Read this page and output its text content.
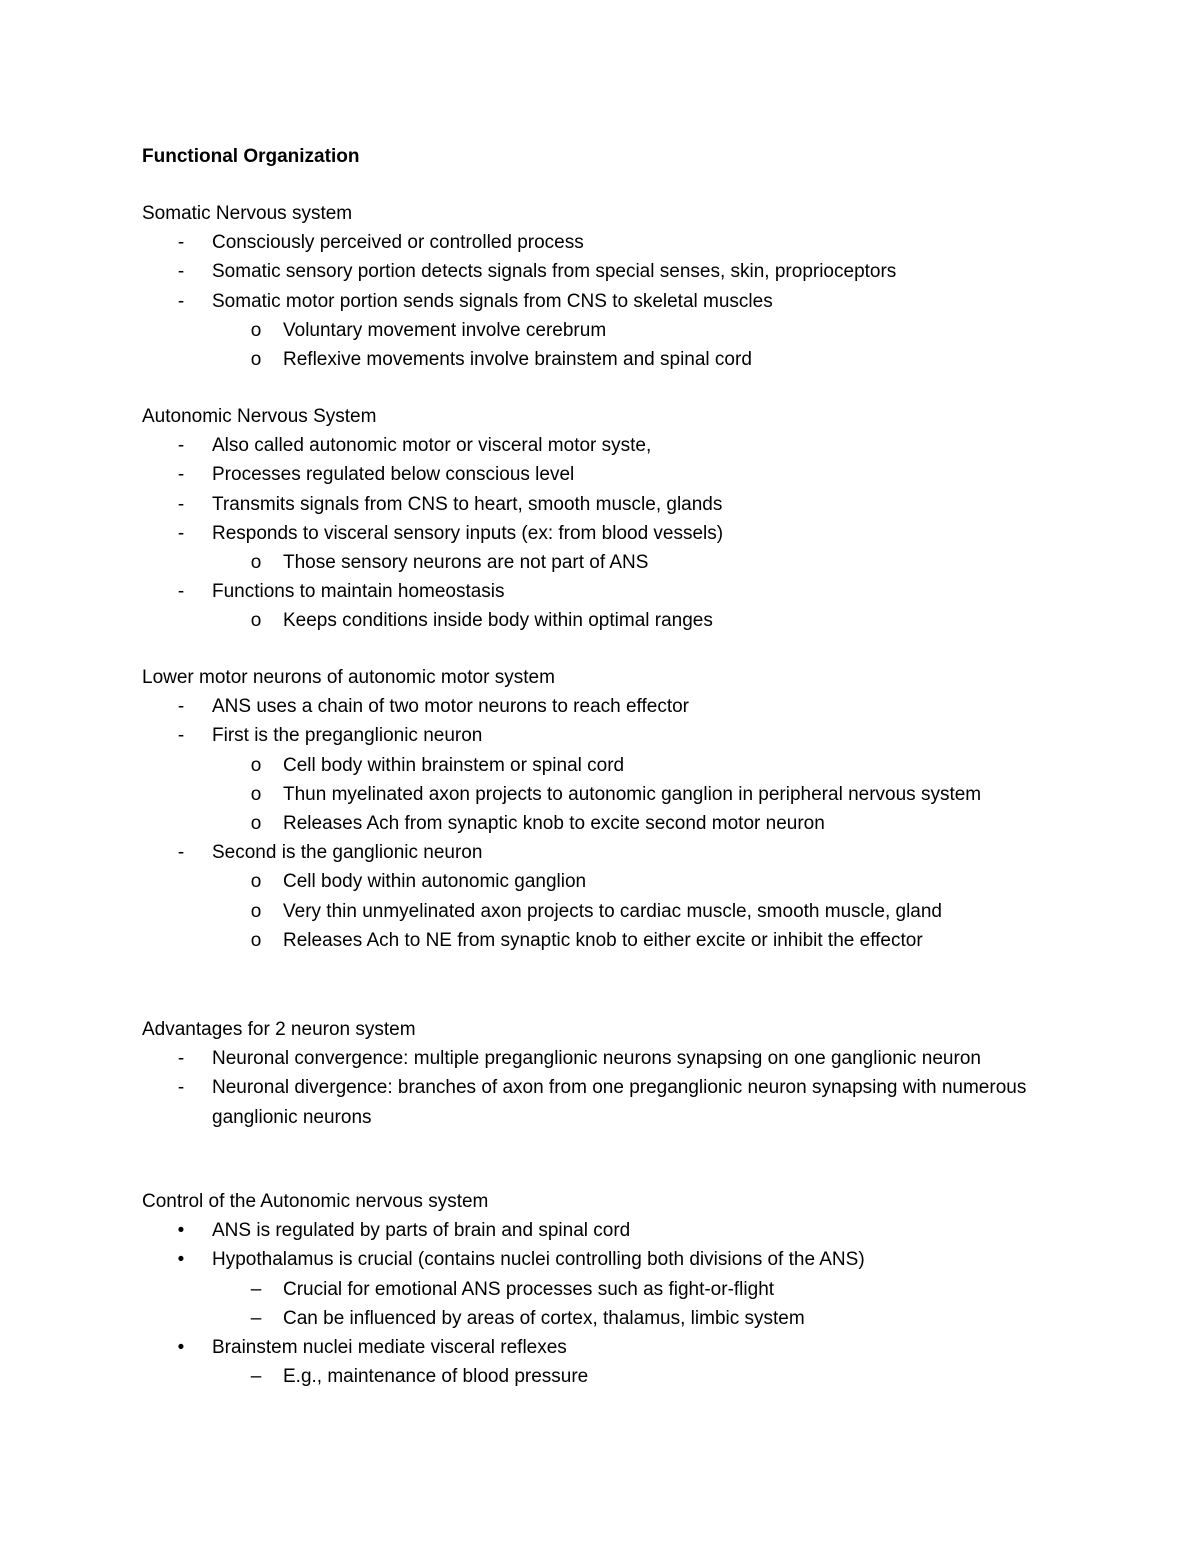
Functional Organization
Somatic Nervous system
-	Consciously perceived or controlled process
-	Somatic sensory portion detects signals from special senses, skin, proprioceptors
-	Somatic motor portion sends signals from CNS to skeletal muscles
o	Voluntary movement involve cerebrum
o	Reflexive movements involve brainstem and spinal cord
Autonomic Nervous System
-	Also called autonomic motor or visceral motor syste,
-	Processes regulated below conscious level
-	Transmits signals from CNS to heart, smooth muscle, glands
-	Responds to visceral sensory inputs (ex: from blood vessels)
o	Those sensory neurons are not part of ANS
-	Functions to maintain homeostasis
o	Keeps conditions inside body within optimal ranges
Lower motor neurons of autonomic motor system
-	ANS uses a chain of two motor neurons to reach effector
-	First is the preganglionic neuron
o	Cell body within brainstem or spinal cord
o	Thun myelinated axon projects to autonomic ganglion in peripheral nervous system
o	Releases Ach from synaptic knob to excite second motor neuron
-	Second is the ganglionic neuron
o	Cell body within autonomic ganglion
o	Very thin unmyelinated axon projects to cardiac muscle, smooth muscle, gland
o	Releases Ach to NE from synaptic knob to either excite or inhibit the effector
Advantages for 2 neuron system
-	Neuronal convergence: multiple preganglionic neurons synapsing on one ganglionic neuron
-	Neuronal divergence: branches of axon from one preganglionic neuron synapsing with numerous ganglionic neurons
Control of the Autonomic nervous system
•	ANS is regulated by parts of brain and spinal cord
•	Hypothalamus is crucial (contains nuclei controlling both divisions of the ANS)
–	Crucial for emotional ANS processes such as fight-or-flight
–	Can be influenced by areas of cortex, thalamus, limbic system
•	Brainstem nuclei mediate visceral reflexes
–	E.g., maintenance of blood pressure
